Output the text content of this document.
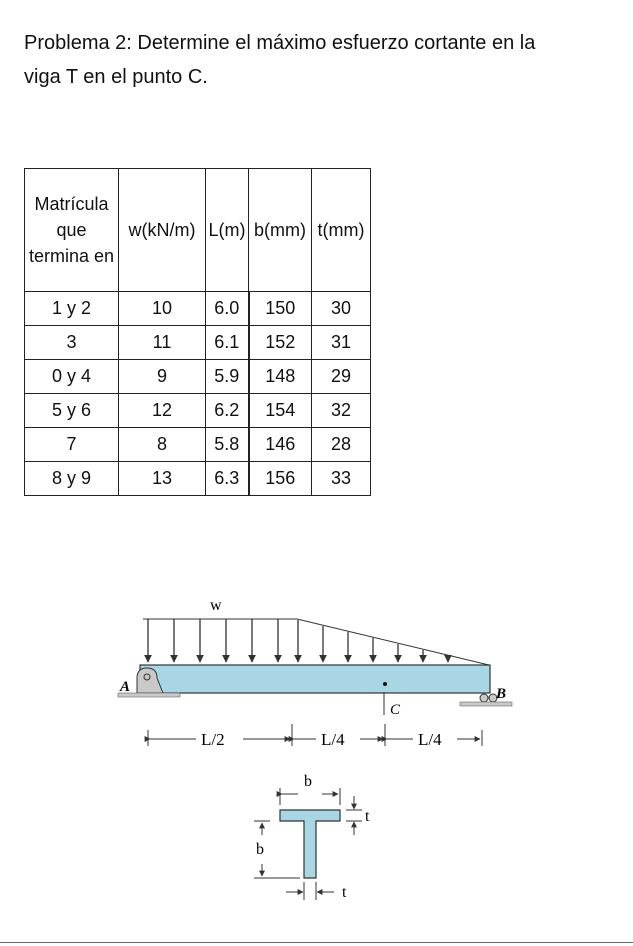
Problema 2: Determine el máximo esfuerzo cortante en la
viga T en el punto C.
Matrícula que termina en	w(kN/m)	L(m)	b(mm)	t(mm)
1 y 2	10	6.0	150	30
3	11	6.1	152	31
0 y 4	9	5.9	148	29
5 y 6	12	6.2	154	32
7	8	5.8	146	28
8 y 9	13	6.3	156	33
w
C
A	B
L/2	L/4	L/4
b
t
b
t
